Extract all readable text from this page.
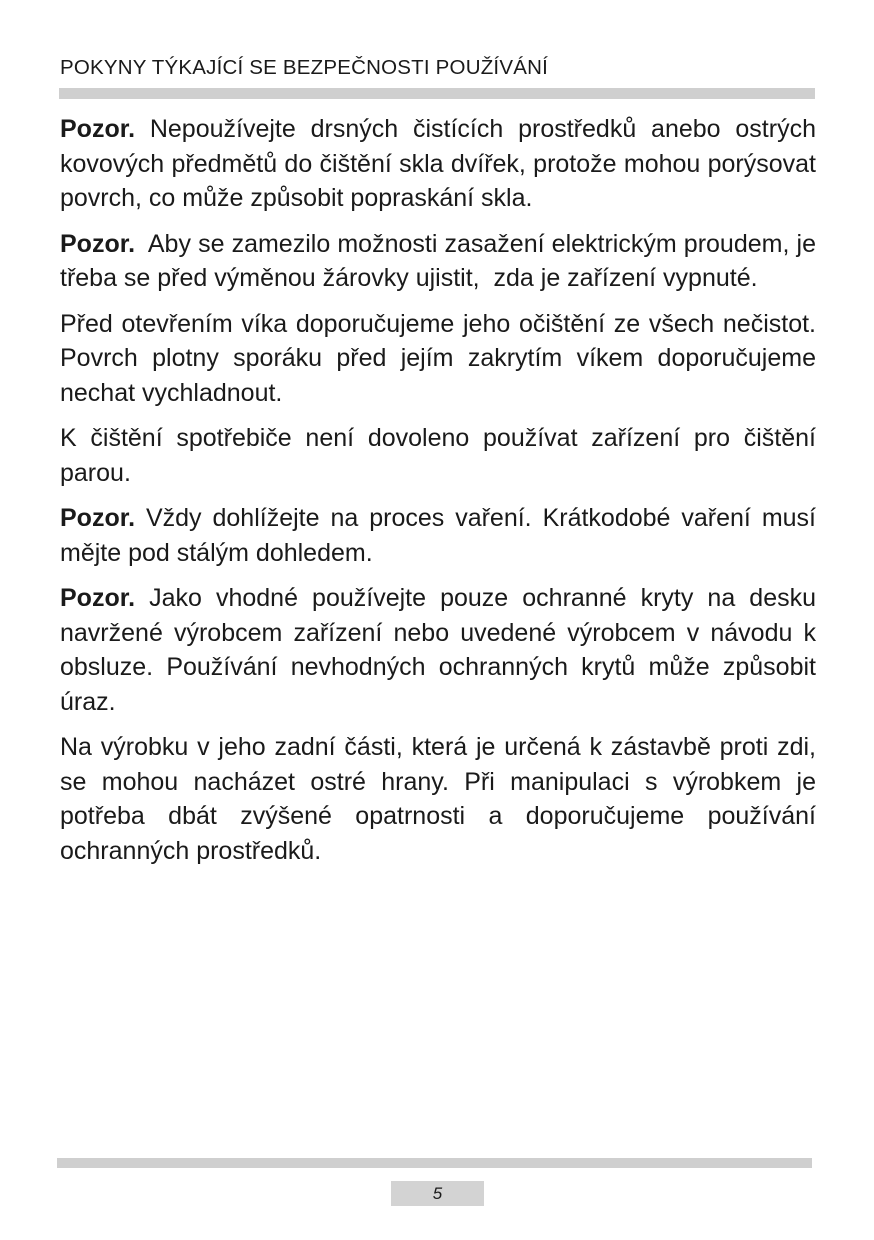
POKYNY TÝKAJÍCÍ SE BEZPEČNOSTI POUŽÍVÁNÍ

Pozor. Nepoužívejte drsných čistících prostředků anebo ostrých kovových předmětů do čištění skla dvířek, protože mohou porýsovat povrch, co může způsobit popraskání skla.

Pozor.  Aby se zamezilo možnosti zasažení elektrickým proudem, je třeba se před výměnou žárovky ujistit,  zda je zařízení vypnuté.

Před otevřením víka doporučujeme jeho očištění ze všech nečistot. Povrch plotny sporáku před jejím zakrytím víkem doporučujeme nechat vychladnout.

K čištění spotřebiče není dovoleno používat zařízení pro čištění parou.

Pozor. Vždy dohlížejte na proces vaření. Krátkodobé vaření musí mějte pod stálým dohledem.

Pozor. Jako vhodné používejte pouze ochranné kryty na desku navržené výrobcem zařízení nebo uvedené výrobcem v návodu k obsluze. Používání nevhodných ochranných krytů může způsobit úraz.

Na výrobku v jeho zadní části, která je určená k zástavbě proti zdi, se mohou nacházet ostré hrany. Při manipulaci s výrobkem je potřeba dbát zvýšené opatrnosti a doporučujeme používání ochranných prostředků.

5
